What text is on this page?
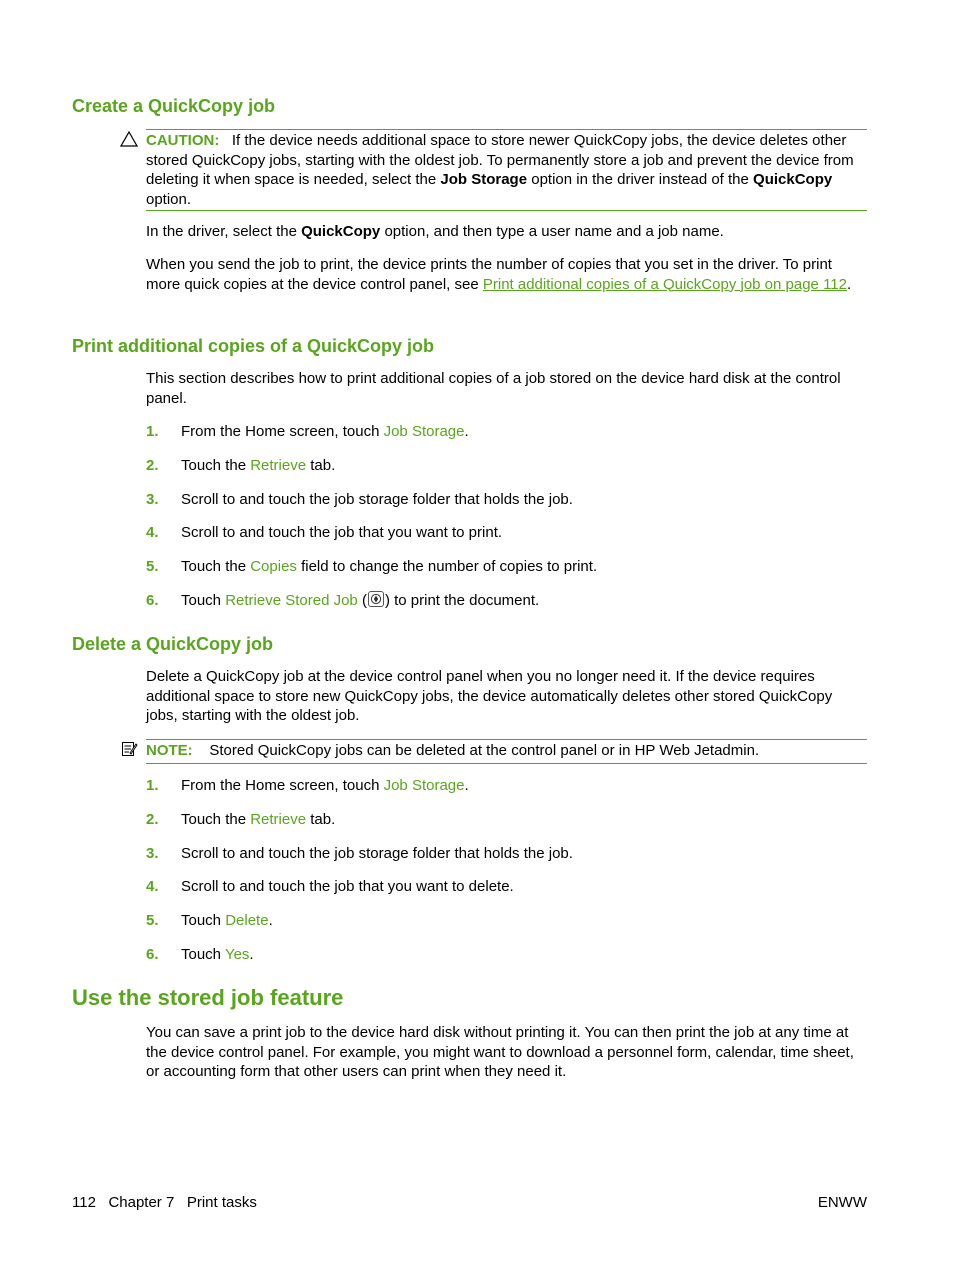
Create a QuickCopy job
CAUTION: If the device needs additional space to store newer QuickCopy jobs, the device deletes other stored QuickCopy jobs, starting with the oldest job. To permanently store a job and prevent the device from deleting it when space is needed, select the Job Storage option in the driver instead of the QuickCopy option.

In the driver, select the QuickCopy option, and then type a user name and a job name.

When you send the job to print, the device prints the number of copies that you set in the driver. To print more quick copies at the device control panel, see Print additional copies of a QuickCopy job on page 112.

Print additional copies of a QuickCopy job

This section describes how to print additional copies of a job stored on the device hard disk at the control panel.

1. From the Home screen, touch Job Storage.
2. Touch the Retrieve tab.
3. Scroll to and touch the job storage folder that holds the job.
4. Scroll to and touch the job that you want to print.
5. Touch the Copies field to change the number of copies to print.
6. Touch Retrieve Stored Job ( ) to print the document.
Delete a QuickCopy job

Delete a QuickCopy job at the device control panel when you no longer need it. If the device requires additional space to store new QuickCopy jobs, the device automatically deletes other stored QuickCopy jobs, starting with the oldest job.

NOTE: Stored QuickCopy jobs can be deleted at the control panel or in HP Web Jetadmin.
1. From the Home screen, touch Job Storage.
2. Touch the Retrieve tab.
3. Scroll to and touch the job storage folder that holds the job.
4. Scroll to and touch the job that you want to delete.
5. Touch Delete.
6. Touch Yes.
Use the stored job feature

You can save a print job to the device hard disk without printing it. You can then print the job at any time at the device control panel. For example, you might want to download a personnel form, calendar, time sheet, or accounting form that other users can print when they need it.

112 Chapter 7 Print tasks	ENWW
